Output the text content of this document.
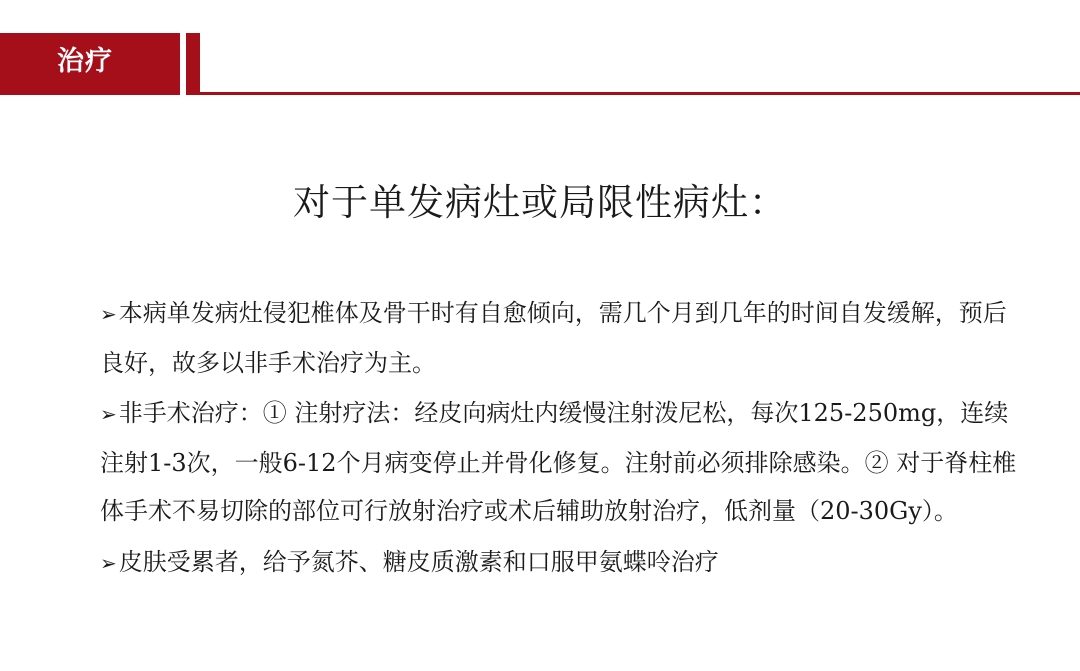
治疗
对于单发病灶或局限性病灶：

➢本病单发病灶侵犯椎体及骨干时有自愈倾向，需几个月到几年的时间自发缓解，预后良好，故多以非手术治疗为主。

➢非手术治疗：① 注射疗法：经皮向病灶内缓慢注射泼尼松，每次125-250mg，连续注射1-3次，一般6-12个月病变停止并骨化修复。注射前必须排除感染。② 对于脊柱椎体手术不易切除的部位可行放射治疗或术后辅助放射治疗，低剂量（20-30Gy）。

➢皮肤受累者，给予氮芥、糖皮质激素和口服甲氨蝶呤治疗
